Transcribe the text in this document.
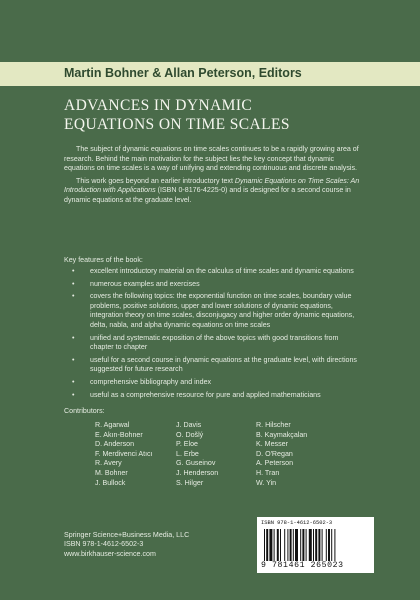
Martin Bohner & Allan Peterson, Editors
ADVANCES IN DYNAMIC
EQUATIONS ON TIME SCALES

The subject of dynamic equations on time scales continues to be a rapidly growing area of research. Behind the main motivation for the subject lies the key concept that dynamic equations on time scales is a way of unifying and extending continuous and discrete analysis.

This work goes beyond an earlier introductory text Dynamic Equations on Time Scales: An Introduction with Applications (ISBN 0-8176-4225-0) and is designed for a second course in dynamic equations at the graduate level.

Key features of the book:
• excellent introductory material on the calculus of time scales and dynamic equations
• numerous examples and exercises
• covers the following topics: the exponential function on time scales, boundary value problems, positive solutions, upper and lower solutions of dynamic equations, integration theory on time scales, disconjugacy and higher order dynamic equations, delta, nabla, and alpha dynamic equations on time scales
• unified and systematic exposition of the above topics with good transitions from chapter to chapter
• useful for a second course in dynamic equations at the graduate level, with directions suggested for future research
• comprehensive bibliography and index
• useful as a comprehensive resource for pure and applied mathematicians
Contributors:
R. Agarwal
E. Akın-Bohner
D. Anderson
F. Merdivenci Atıcı
R. Avery
M. Bohner
J. Bullock
J. Davis
O. Došlý
P. Eloe
L. Erbe
G. Guseinov
J. Henderson
S. Hilger
R. Hilscher
B. Kaymakçalan
K. Messer
D. O'Regan
A. Peterson
H. Tran
W. Yin
Springer Science+Business Media, LLC
ISBN 978-1-4612-6502-3
www.birkhauser-science.com
ISBN 978-1-4612-6502-3
9 781461 265023
